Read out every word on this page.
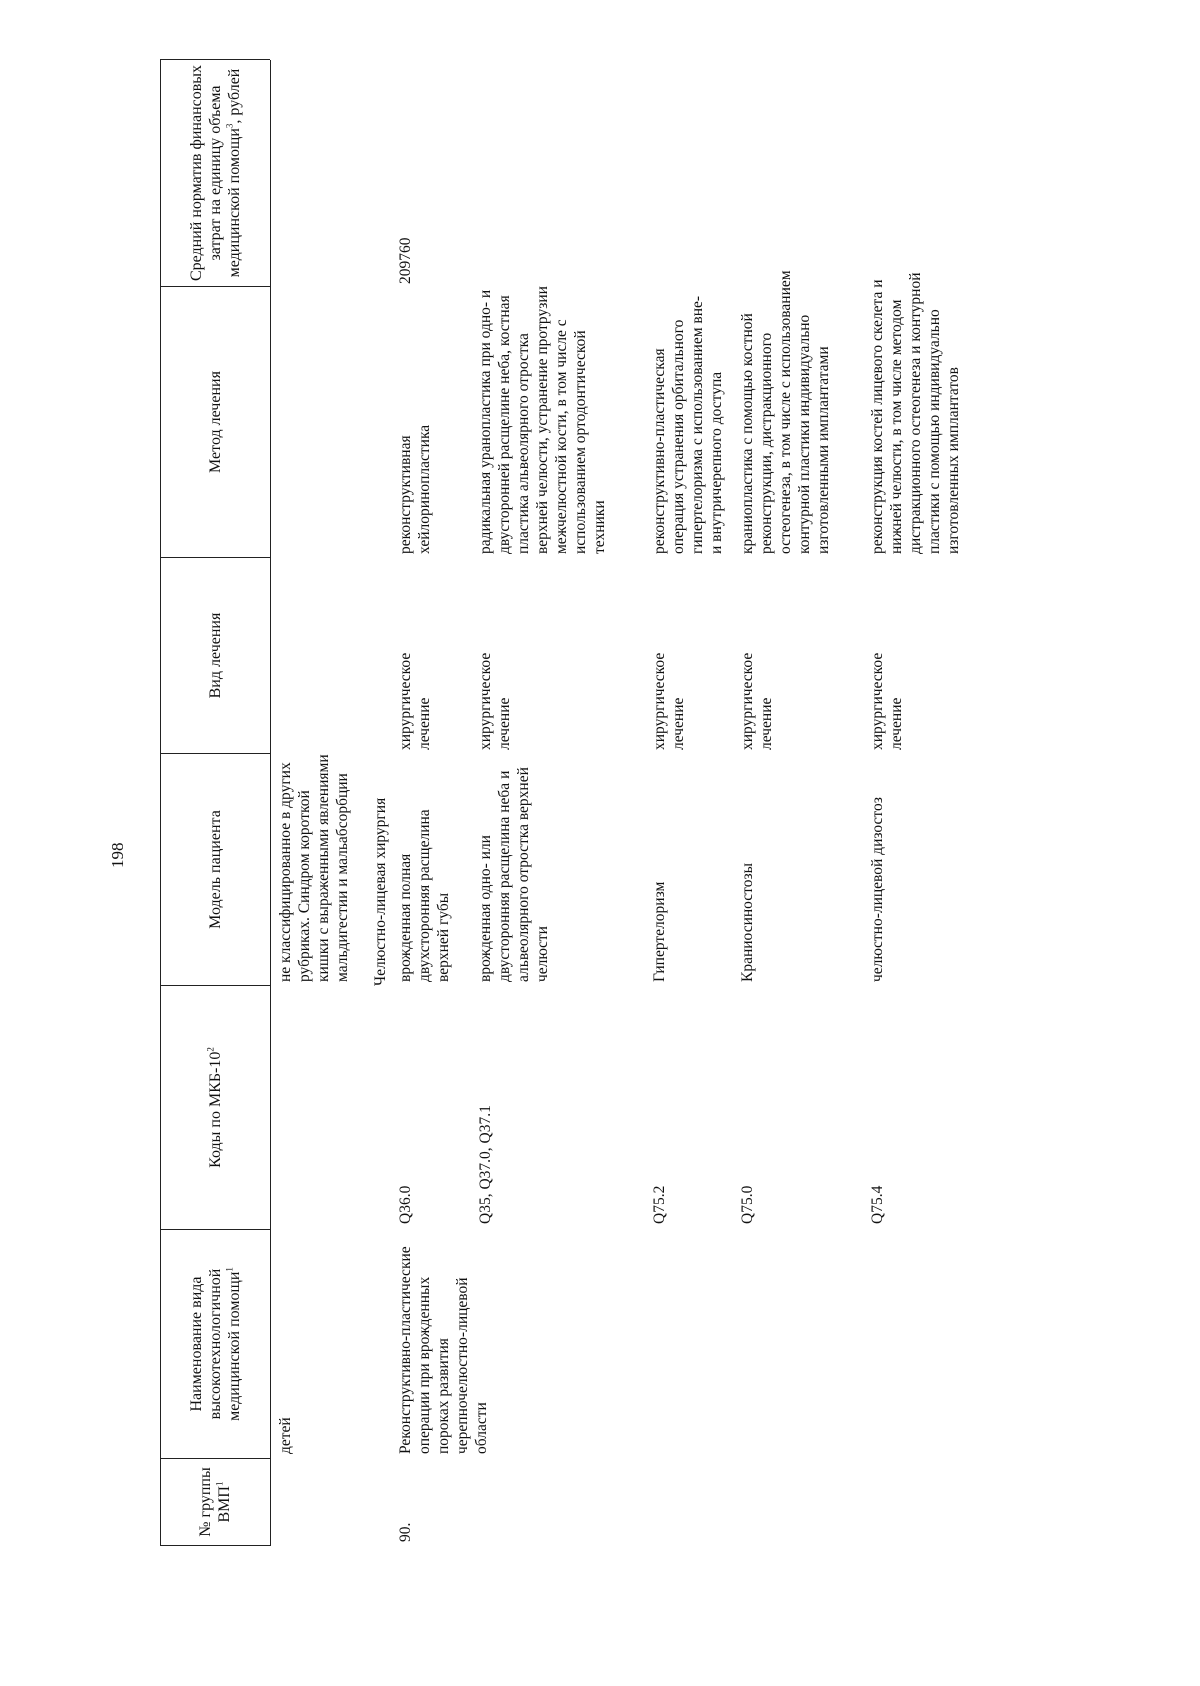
198
№ группы ВМП$^1$
Наименование вида высокотехнологичной медицинской помощи$^1$
Коды по МКБ-$10^2$
Модель пациента
Вид лечения
Метод лечения
Средний норматив финансовых затрат на единицу объема медицинской помощи$^3$, рублей
детей
не классифицированное в других рубриках. Синдром короткой кишки с выраженными явлениями мальдигестии и мальабсорбции Челюстно-лицевая хирургия
90.
Реконструктивно-пластические операции при врожденных пороках развития черепночелюстно-лицевой области
209760
Q36.0
врожденная полная двухсторонняя расщелина верхней губы
хирургическое лечение
реконструктивная хейлоринопластика
Q35, Q37.0, Q37.1
врожденная одно- или двусторонняя расщелина неба и альвеолярного отростка верхней челюсти
хирургическое лечение
радикальная уранопластика при одно- и двусторонней расщелине неба, костная пластика альвеолярного отростка верхней челюсти, устранение протрузии межчелюстной кости, в том числе с использованием ортодонтической техники
Q75.2
Гипертелоризм
хирургическое лечение
реконструктивно-пластическая операция устранения орбитального гипертелоризма с использованием вне- и внутричерепного доступа
Q75.0
Краниосиностозы
хирургическое лечение
краниопластика с помощью костной реконструкции, дистракционного остеогенеза, в том числе с использованием контурной пластики индивидуально изготовленными имплантатами
Q75.4
челюстно-лицевой дизостоз
хирургическое лечение
реконструкция костей лицевого скелета и нижней челюсти, в том числе методом дистракционного остеогенеза и контурной пластики с помощью индивидуально изготовленных имплантатов
